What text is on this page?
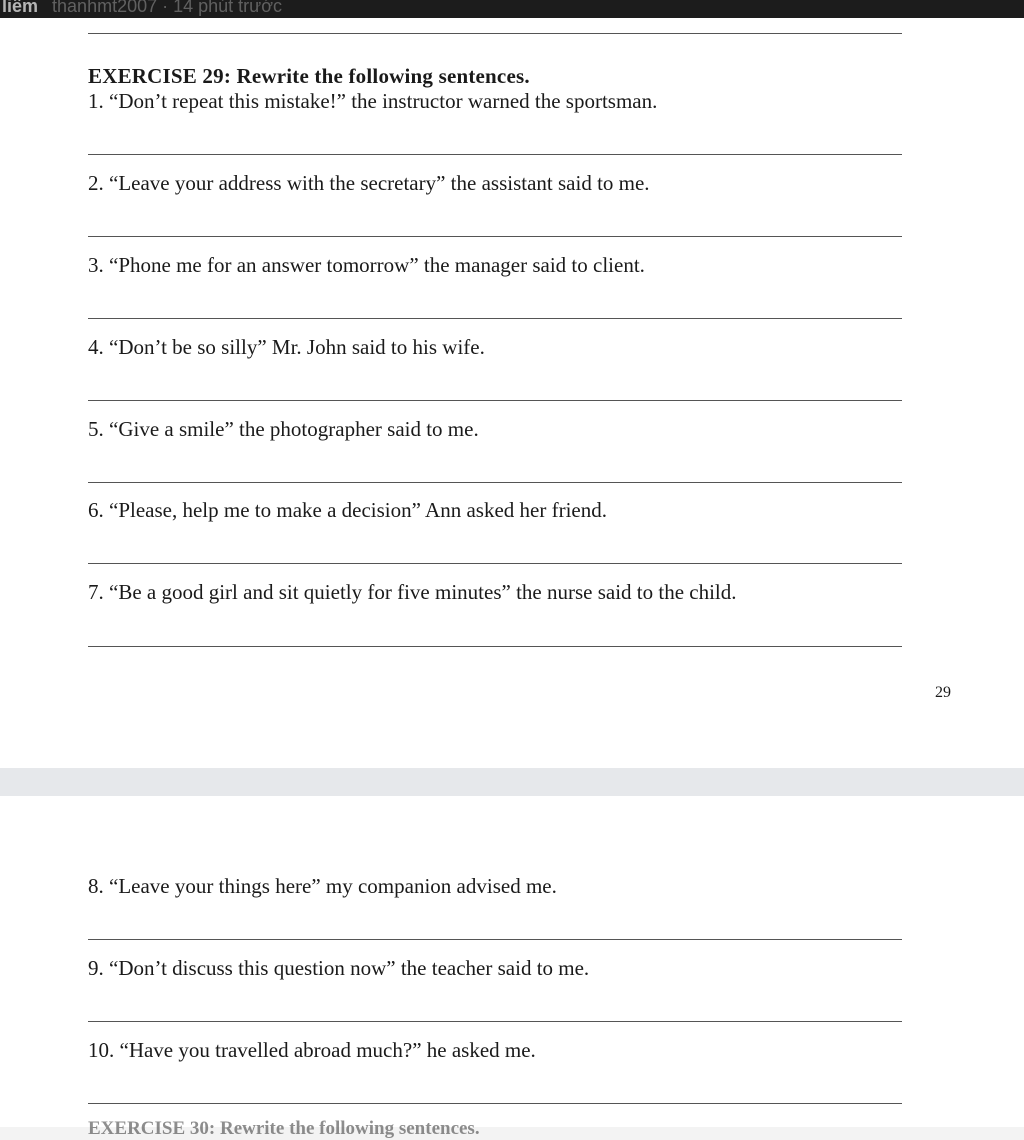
liêm thanhmt2007 · 14 phút trước
EXERCISE 29: Rewrite the following sentences.
1. “Don’t repeat this mistake!” the instructor warned the sportsman.
2. “Leave your address with the secretary” the assistant said to me.
3. “Phone me for an answer tomorrow” the manager said to client.
4. “Don’t be so silly” Mr. John said to his wife.
5. “Give a smile” the photographer said to me.
6. “Please, help me to make a decision” Ann asked her friend.
7. “Be a good girl and sit quietly for five minutes” the nurse said to the child.
29
8. “Leave your things here” my companion advised me.
9. “Don’t discuss this question now” the teacher said to me.
10. “Have you travelled abroad much?” he asked me.
EXERCISE 30: Rewrite the following sentences.
